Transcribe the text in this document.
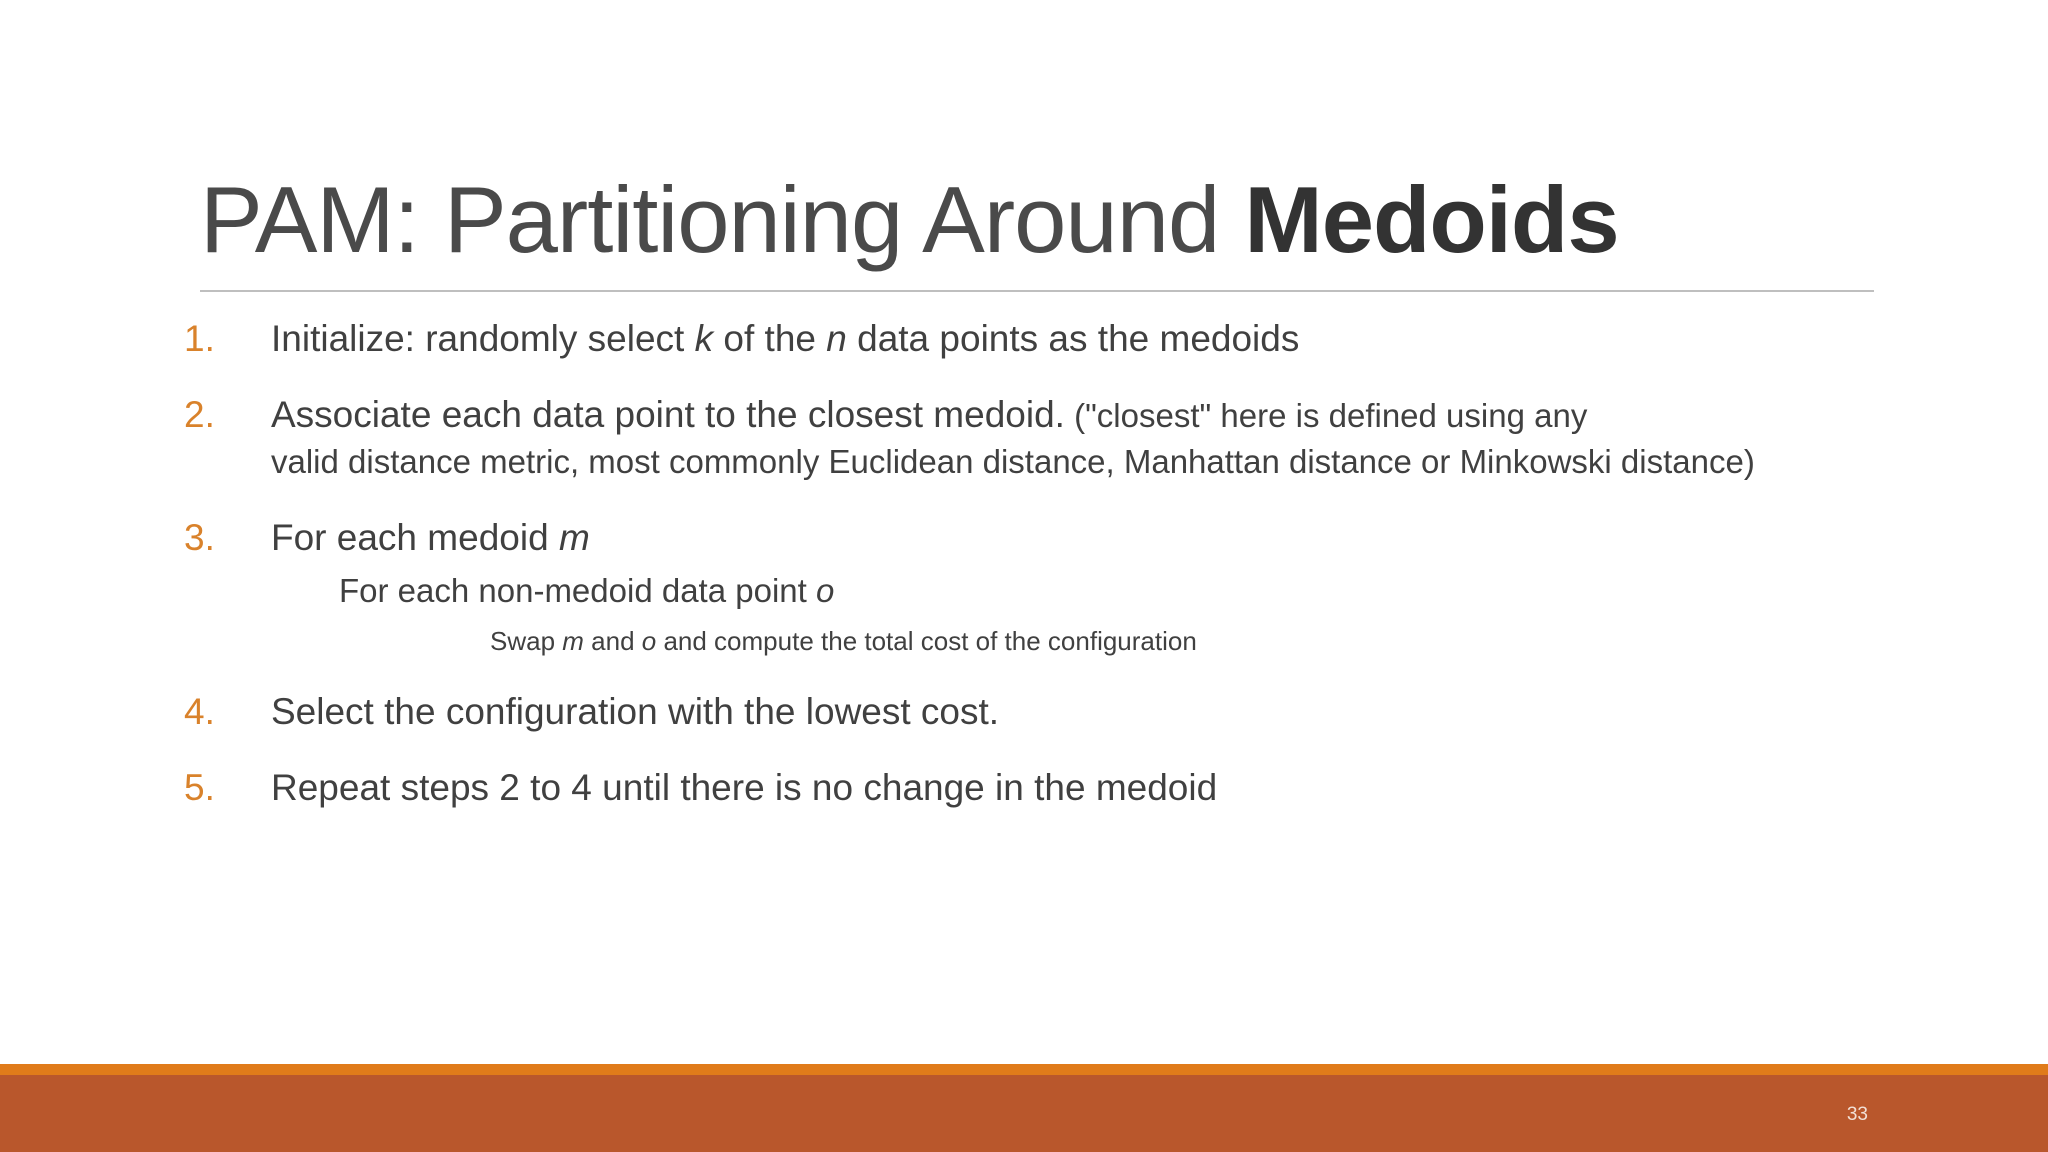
PAM: Partitioning Around Medoids
1. Initialize: randomly select k of the n data points as the medoids
2. Associate each data point to the closest medoid. ("closest" here is defined using any
valid distance metric, most commonly Euclidean distance, Manhattan distance or Minkowski distance)
3. For each medoid m
For each non-medoid data point o
Swap m and o and compute the total cost of the configuration
4. Select the configuration with the lowest cost.
5. Repeat steps 2 to 4 until there is no change in the medoid
33
